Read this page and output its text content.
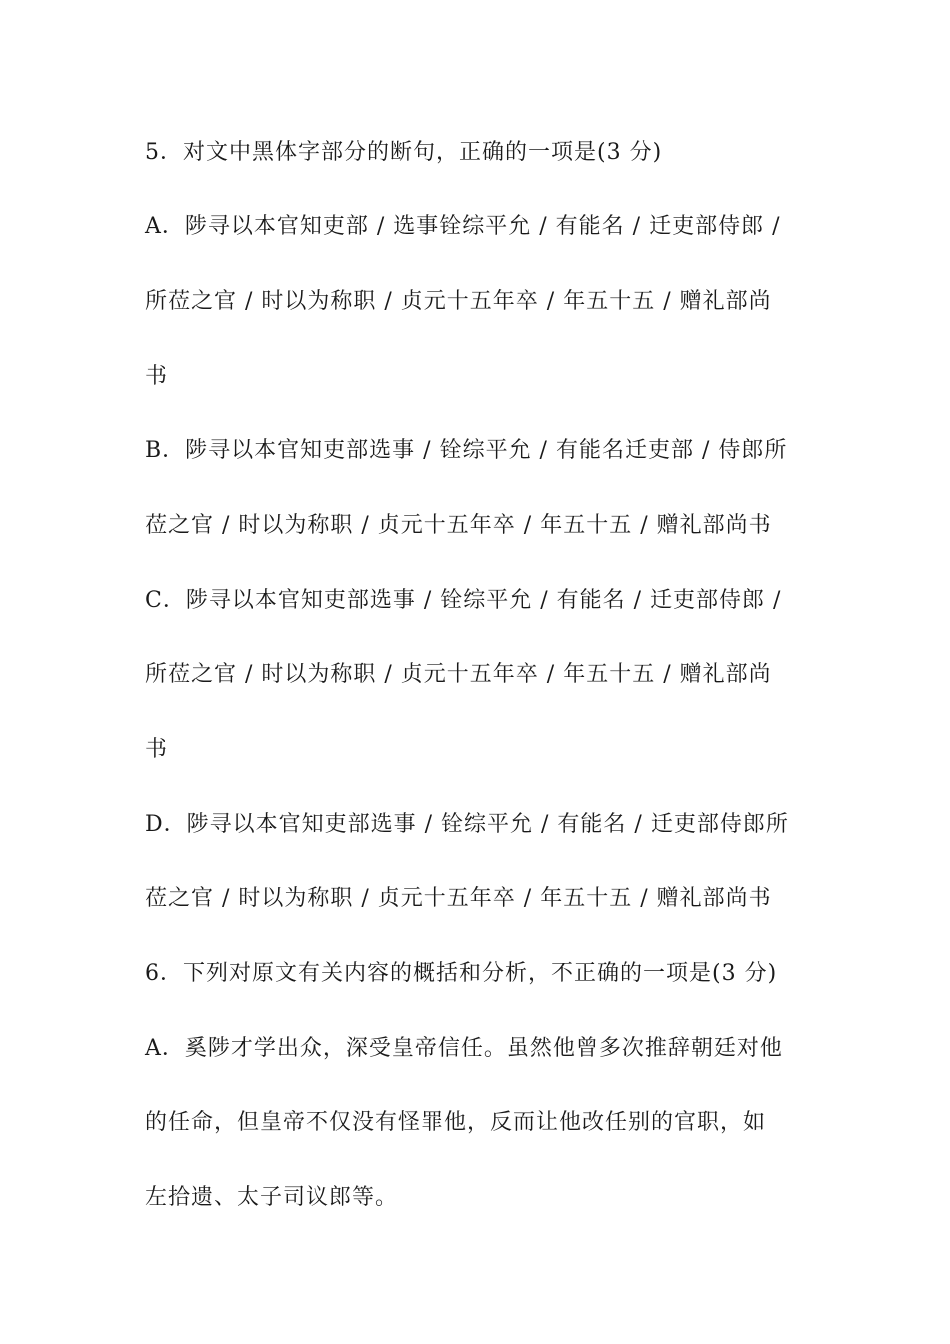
5．对文中黑体字部分的断句，正确的一项是(3 分)
A．陟寻以本官知吏部 / 选事铨综平允 / 有能名 / 迁吏部侍郎 /
所莅之官 / 时以为称职 / 贞元十五年卒 / 年五十五 / 赠礼部尚
书
B．陟寻以本官知吏部选事 / 铨综平允 / 有能名迁吏部 / 侍郎所
莅之官 / 时以为称职 / 贞元十五年卒 / 年五十五 / 赠礼部尚书
C．陟寻以本官知吏部选事 / 铨综平允 / 有能名 / 迁吏部侍郎 /
所莅之官 / 时以为称职 / 贞元十五年卒 / 年五十五 / 赠礼部尚
书
D．陟寻以本官知吏部选事 / 铨综平允 / 有能名 / 迁吏部侍郎所
莅之官 / 时以为称职 / 贞元十五年卒 / 年五十五 / 赠礼部尚书
6．下列对原文有关内容的概括和分析，不正确的一项是(3 分)
A．奚陟才学出众，深受皇帝信任。虽然他曾多次推辞朝廷对他
的任命，但皇帝不仅没有怪罪他，反而让他改任别的官职，如
左拾遗、太子司议郎等。
